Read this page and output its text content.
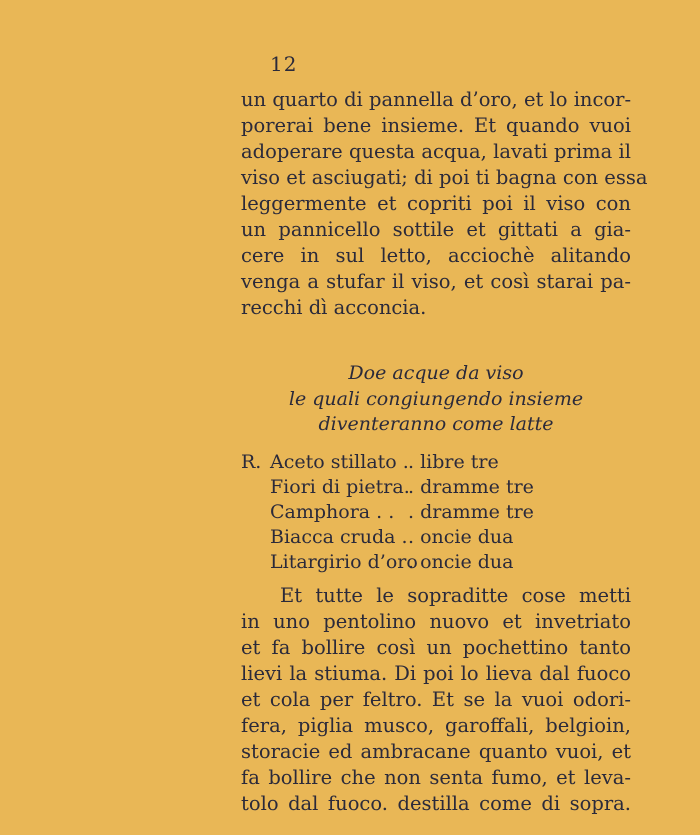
12
un quarto di pannella d’oro, et lo incor-
porerai bene insieme. Et quando vuoi
adoperare questa acqua, lavati prima il
viso et asciugati; di poi ti bagna con essa
leggermente et copriti poi il viso con
un pannicello sottile et gittati a gia-
cere in sul letto, acciochè alitando
venga a stufar il viso, et così starai pa-
recchi dì acconcia.
Doe acque da viso
le quali congiungendo insieme
diventeranno come latte
R. Aceto stillato . . libre tre
Fiori di pietra.
. dramme tre
Camphora . . . dramme tre
Biacca cruda . . oncie dua
Litargirio d’oro
. oncie dua
Et tutte le sopraditte cose metti
in uno pentolino nuovo et invetriato
et fa bollire così un pochettino tanto
lievi la stiuma. Di poi lo lieva dal fuoco
et cola per feltro. Et se la vuoi odori-
fera, piglia musco, garoffali, belgioin,
storacie ed ambracane quanto vuoi, et
fa bollire che non senta fumo, et leva-
tolo dal fuoco. destilla come di sopra.
